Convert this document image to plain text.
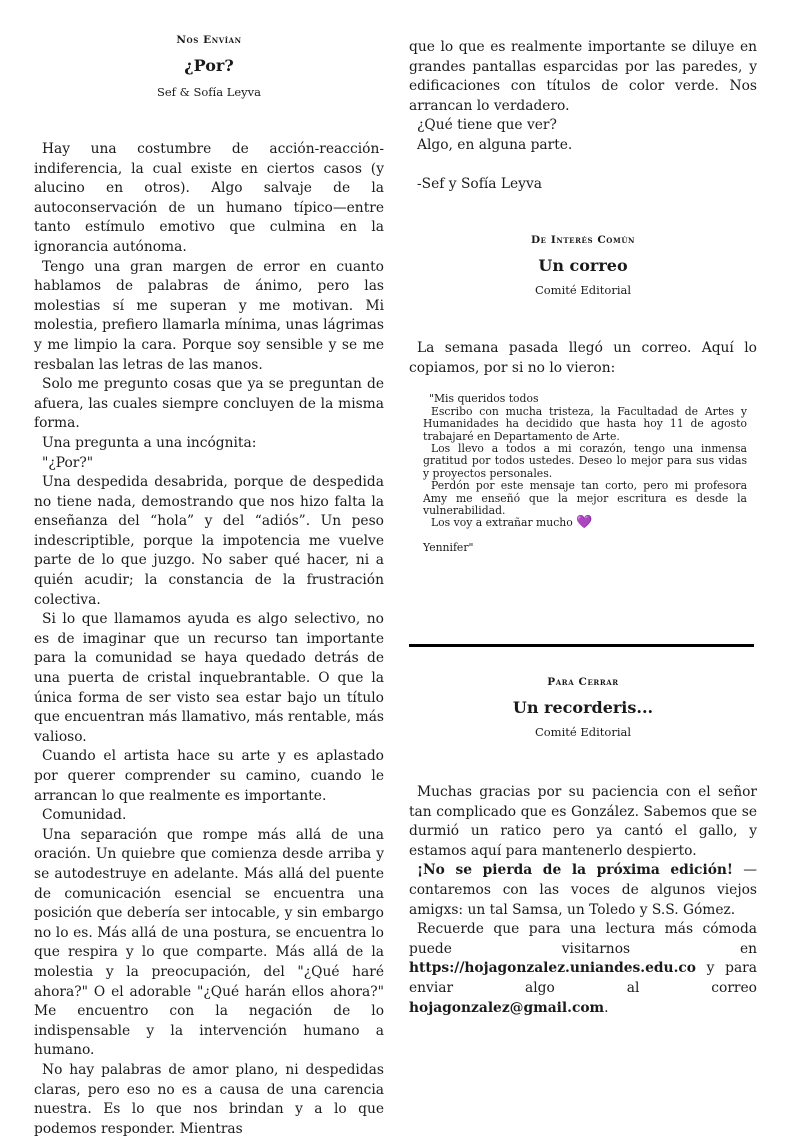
Nos Envían
¿Por?
Sef & Sofía Leyva

Hay una costumbre de acción-reacción-indiferencia, la cual existe en ciertos casos (y alucino en otros). Algo salvaje de la autoconservación de un humano típico—entre tanto estímulo emotivo que culmina en la ignorancia autónoma.

Tengo una gran margen de error en cuanto hablamos de palabras de ánimo, pero las molestias sí me superan y me motivan. Mi molestia, prefiero llamarla mínima, unas lágrimas y me limpio la cara. Porque soy sensible y se me resbalan las letras de las manos.

Solo me pregunto cosas que ya se preguntan de afuera, las cuales siempre concluyen de la misma forma.

Una pregunta a una incógnita:

"¿Por?"

Una despedida desabrida, porque de despedida no tiene nada, demostrando que nos hizo falta la enseñanza del “hola” y del “adiós”. Un peso indescriptible, porque la impotencia me vuelve parte de lo que juzgo. No saber qué hacer, ni a quién acudir; la constancia de la frustración colectiva.

Si lo que llamamos ayuda es algo selectivo, no es de imaginar que un recurso tan importante para la comunidad se haya quedado detrás de una puerta de cristal inquebrantable. O que la única forma de ser visto sea estar bajo un título que encuentran más llamativo, más rentable, más valioso.

Cuando el artista hace su arte y es aplastado por querer comprender su camino, cuando le arrancan lo que realmente es importante.

Comunidad.

Una separación que rompe más allá de una oración. Un quiebre que comienza desde arriba y se autodestruye en adelante. Más allá del puente de comunicación esencial se encuentra una posición que debería ser intocable, y sin embargo no lo es. Más allá de una postura, se encuentra lo que respira y lo que comparte. Más allá de la molestia y la preocupación, del "¿Qué haré ahora?" O el adorable "¿Qué harán ellos ahora?" Me encuentro con la negación de lo indispensable y la intervención humano a humano.

No hay palabras de amor plano, ni despedidas claras, pero eso no es a causa de una carencia nuestra. Es lo que nos brindan y a lo que podemos responder. Mientras

que lo que es realmente importante se diluye en grandes pantallas esparcidas por las paredes, y edificaciones con títulos de color verde. Nos arrancan lo verdadero.

¿Qué tiene que ver?

Algo, en alguna parte.

-Sef y Sofía Leyva

De Interés Común
Un correo
Comité Editorial

La semana pasada llegó un correo. Aquí lo copiamos, por si no lo vieron:

"Mis queridos todos

Escribo con mucha tristeza, la Facultadad de Artes y Humanidades ha decidido que hasta hoy 11 de agosto trabajaré en Departamento de Arte.

Los llevo a todos a mi corazón, tengo una inmensa gratitud por todos ustedes. Deseo lo mejor para sus vidas y proyectos personales.

Perdón por este mensaje tan corto, pero mi profesora Amy me enseñó que la mejor escritura es desde la vulnerabilidad.

Los voy a extrañar mucho 💜

Yennifer"

Para Cerrar
Un recorderis...
Comité Editorial

Muchas gracias por su paciencia con el señor tan complicado que es González. Sabemos que se durmió un ratico pero ya cantó el gallo, y estamos aquí para mantenerlo despierto.

¡No se pierda de la próxima edición! — contaremos con las voces de algunos viejos amigxs: un tal Samsa, un Toledo y S.S. Gómez.

Recuerde que para una lectura más cómoda puede visitarnos en https://hojagonzalez.uniandes.edu.co y para enviar algo al correo hojagonzalez@gmail.com.
